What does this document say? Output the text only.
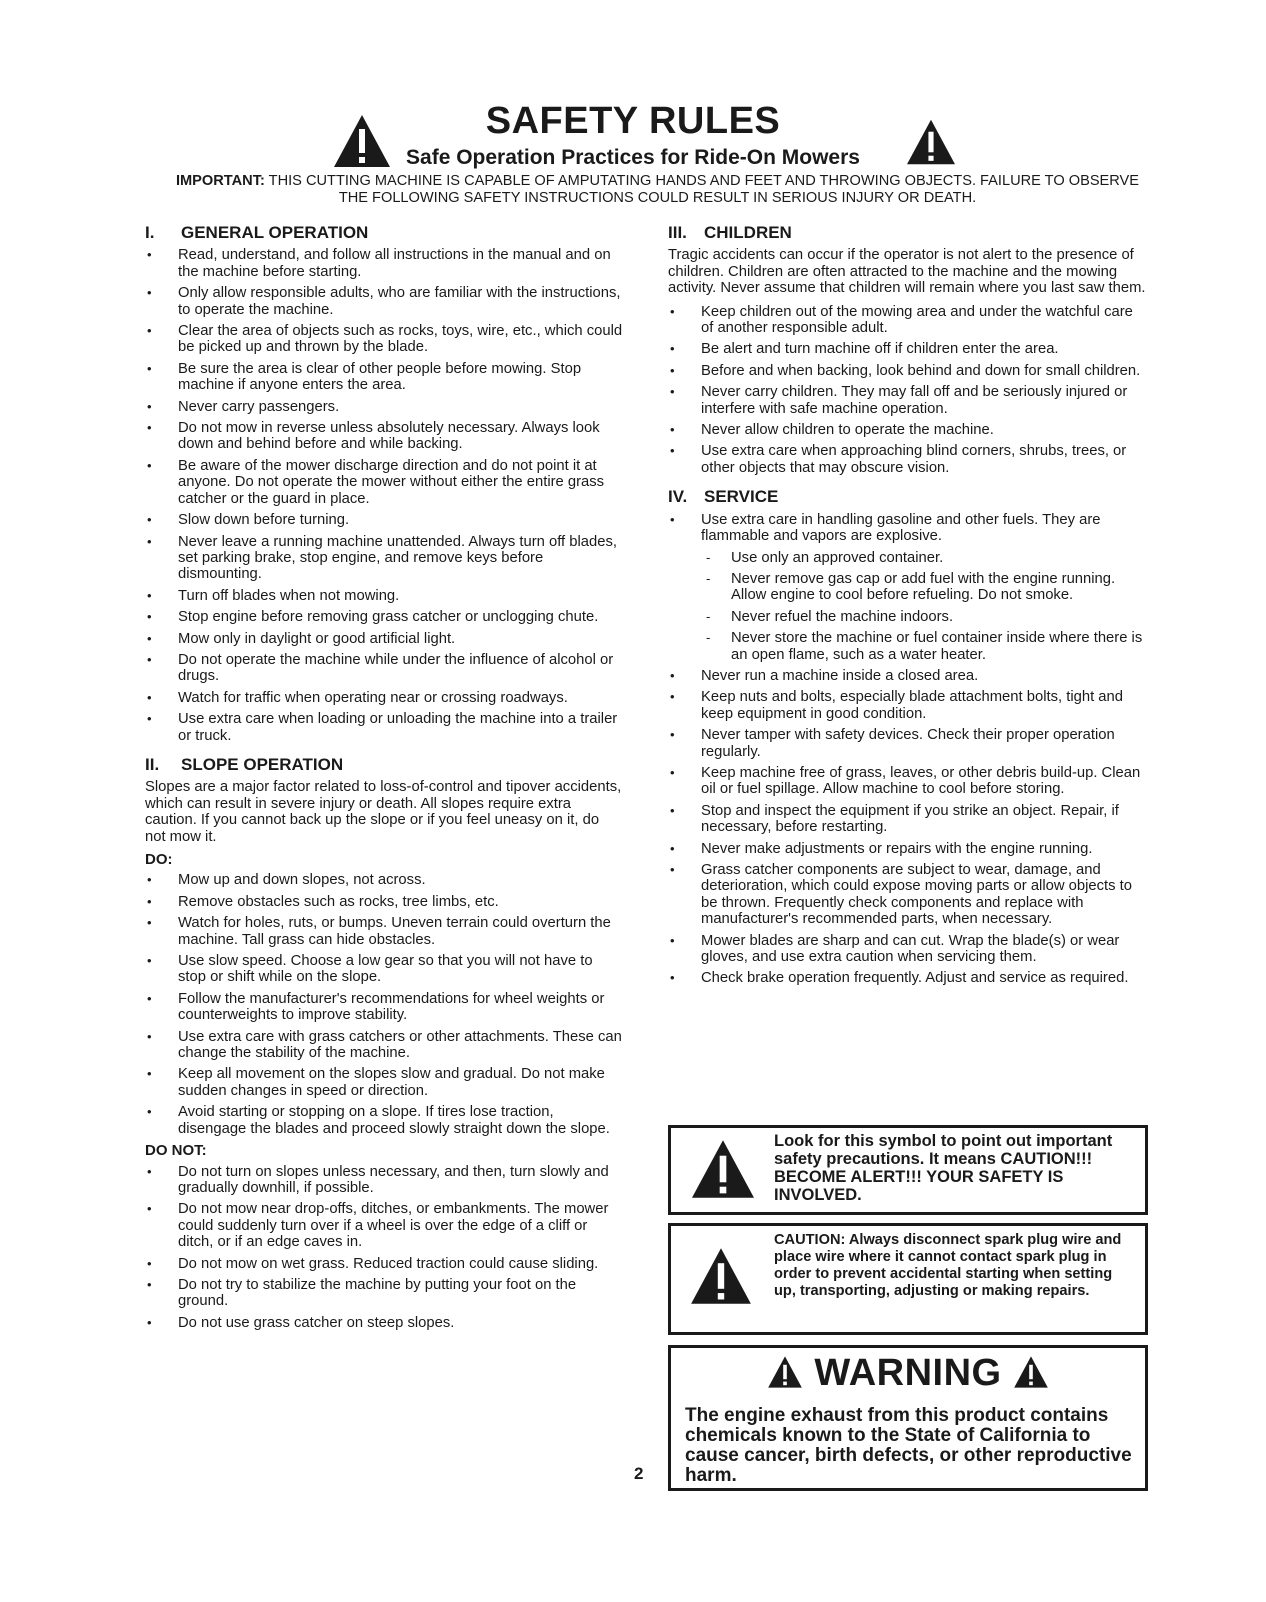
SAFETY RULES
Safe Operation Practices for Ride-On Mowers
IMPORTANT: THIS CUTTING MACHINE IS CAPABLE OF AMPUTATING HANDS AND FEET AND THROWING OBJECTS. FAILURE TO OBSERVE THE FOLLOWING SAFETY INSTRUCTIONS COULD RESULT IN SERIOUS INJURY OR DEATH.
I.	GENERAL OPERATION
• Read, understand, and follow all instructions in the manual and on the machine before starting.
• Only allow responsible adults, who are familiar with the instructions, to operate the machine.
• Clear the area of objects such as rocks, toys, wire, etc., which could be picked up and thrown by the blade.
• Be sure the area is clear of other people before mowing. Stop machine if anyone enters the area.
• Never carry passengers.
• Do not mow in reverse unless absolutely necessary. Always look down and behind before and while backing.
• Be aware of the mower discharge direction and do not point it at anyone. Do not operate the mower without either the entire grass catcher or the guard in place.
• Slow down before turning.
• Never leave a running machine unattended. Always turn off blades, set parking brake, stop engine, and remove keys before dismounting.
• Turn off blades when not mowing.
• Stop engine before removing grass catcher or unclogging chute.
• Mow only in daylight or good artificial light.
• Do not operate the machine while under the influence of alcohol or drugs.
• Watch for traffic when operating near or crossing roadways.
• Use extra care when loading or unloading the machine into a trailer or truck.
II.	SLOPE OPERATION

Slopes are a major factor related to loss-of-control and tipover accidents, which can result in severe injury or death. All slopes require extra caution. If you cannot back up the slope or if you feel uneasy on it, do not mow it.

DO:
• Mow up and down slopes, not across.
• Remove obstacles such as rocks, tree limbs, etc.
• Watch for holes, ruts, or bumps. Uneven terrain could overturn the machine. Tall grass can hide obstacles.
• Use slow speed. Choose a low gear so that you will not have to stop or shift while on the slope.
• Follow the manufacturer's recommendations for wheel weights or counterweights to improve stability.
• Use extra care with grass catchers or other attachments. These can change the stability of the machine.
• Keep all movement on the slopes slow and gradual. Do not make sudden changes in speed or direction.
• Avoid starting or stopping on a slope. If tires lose traction, disengage the blades and proceed slowly straight down the slope.
DO NOT:
• Do not turn on slopes unless necessary, and then, turn slowly and gradually downhill, if possible.
• Do not mow near drop-offs, ditches, or embankments. The mower could suddenly turn over if a wheel is over the edge of a cliff or ditch, or if an edge caves in.
• Do not mow on wet grass. Reduced traction could cause sliding.
• Do not try to stabilize the machine by putting your foot on the ground.
• Do not use grass catcher on steep slopes.
III.	CHILDREN

Tragic accidents can occur if the operator is not alert to the presence of children. Children are often attracted to the machine and the mowing activity. Never assume that children will remain where you last saw them.

• Keep children out of the mowing area and under the watchful care of another responsible adult.
• Be alert and turn machine off if children enter the area.
• Before and when backing, look behind and down for small children.
• Never carry children. They may fall off and be seriously injured or interfere with safe machine operation.
• Never allow children to operate the machine.
• Use extra care when approaching blind corners, shrubs, trees, or other objects that may obscure vision.
IV. SERVICE
• Use extra care in handling gasoline and other fuels. They are flammable and vapors are explosive.
- Use only an approved container.
- Never remove gas cap or add fuel with the engine running. Allow engine to cool before refueling. Do not smoke.
- Never refuel the machine indoors.
- Never store the machine or fuel container inside where there is an open flame, such as a water heater.
• Never run a machine inside a closed area.
• Keep nuts and bolts, especially blade attachment bolts, tight and keep equipment in good condition.
• Never tamper with safety devices. Check their proper operation regularly.
• Keep machine free of grass, leaves, or other debris build-up. Clean oil or fuel spillage. Allow machine to cool before storing.
• Stop and inspect the equipment if you strike an object. Repair, if necessary, before restarting.
• Never make adjustments or repairs with the engine running.
• Grass catcher components are subject to wear, damage, and deterioration, which could expose moving parts or allow objects to be thrown. Frequently check components and replace with manufacturer's recommended parts, when necessary.
• Mower blades are sharp and can cut. Wrap the blade(s) or wear gloves, and use extra caution when servicing them.
• Check brake operation frequently. Adjust and service as required.
Look for this symbol to point out important safety precautions. It means CAUTION!!! BECOME ALERT!!! YOUR SAFETY IS INVOLVED.
CAUTION: Always disconnect spark plug wire and place wire where it cannot contact spark plug in order to prevent accidental starting when setting up, transporting, adjusting or making repairs.
WARNING
The engine exhaust from this product contains chemicals known to the State of California to cause cancer, birth defects, or other reproductive harm.
2
